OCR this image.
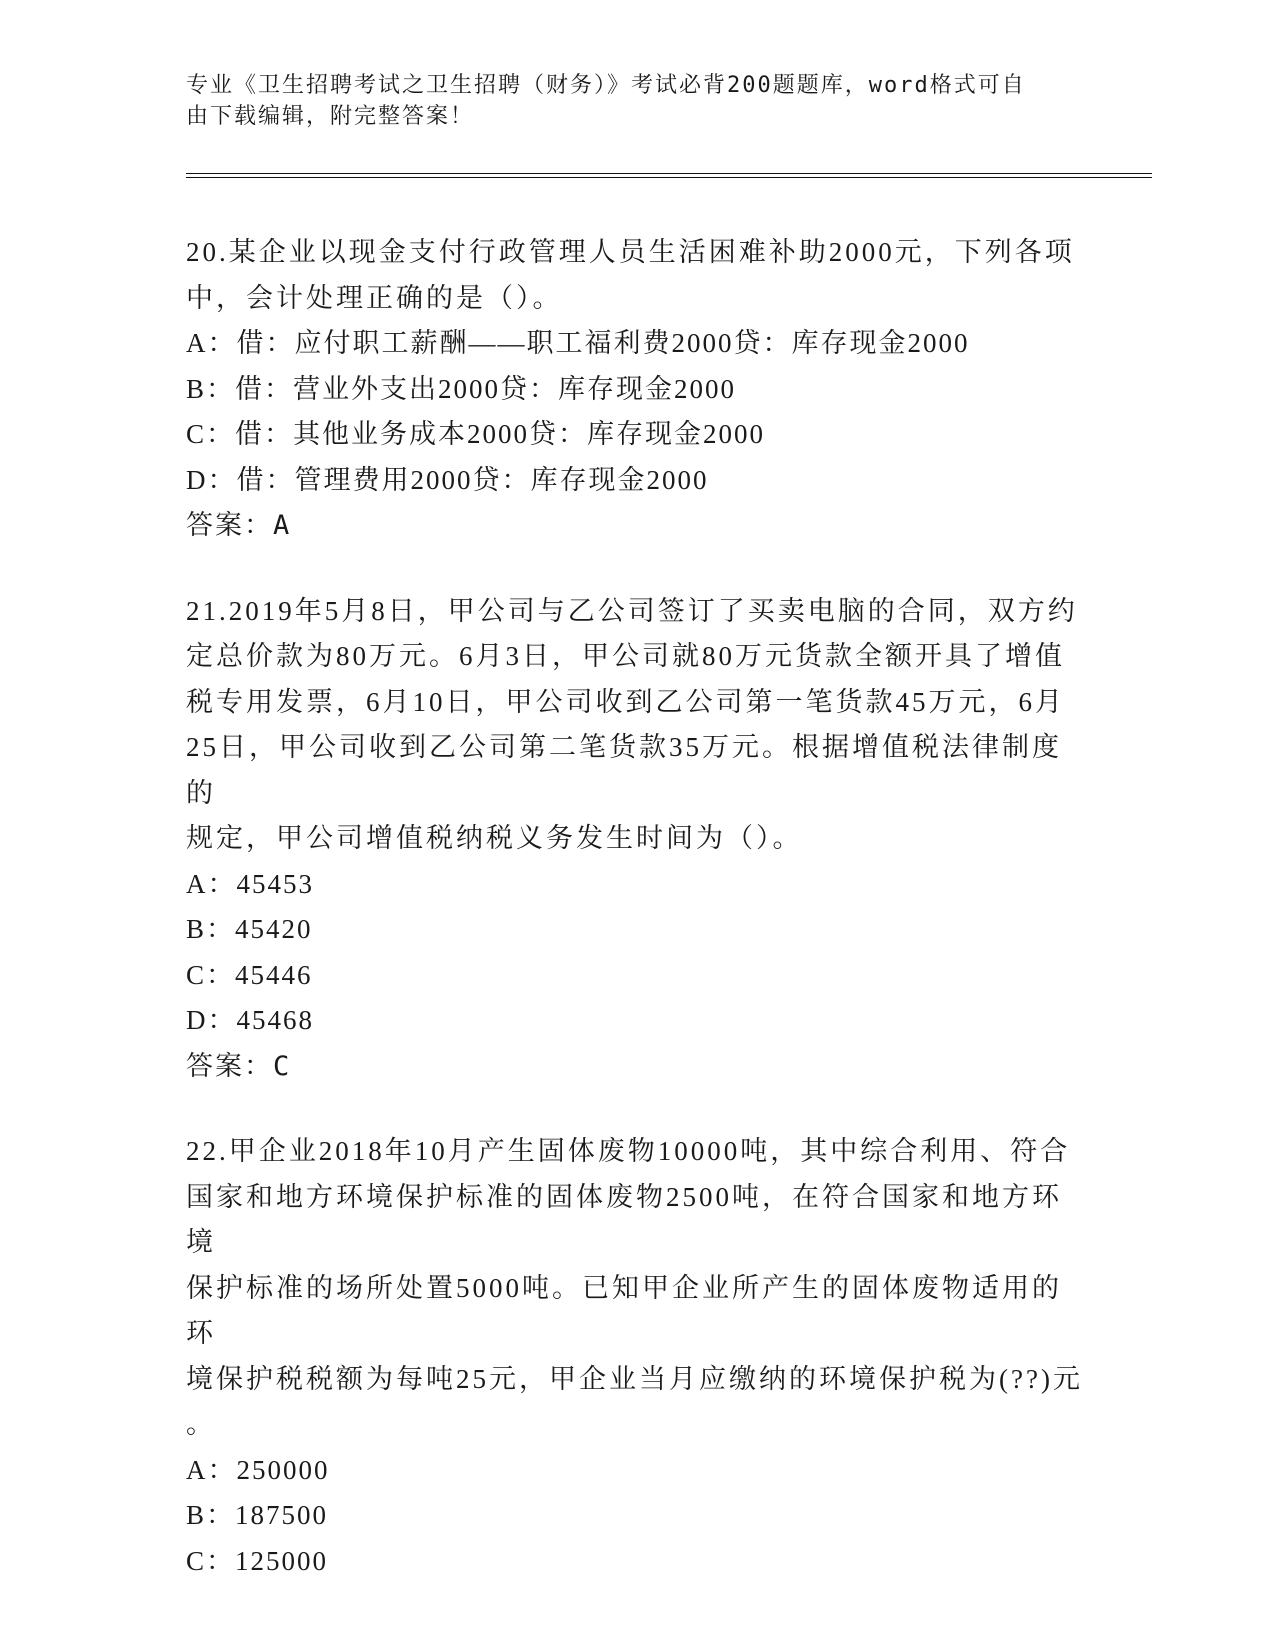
专业《卫生招聘考试之卫生招聘（财务）》考试必背200题题库，word格式可自
由下载编辑，附完整答案！

20.某企业以现金支付行政管理人员生活困难补助2000元，下列各项

中，会计处理正确的是（）。

A：借：应付职工薪酬——职工福利费2000贷：库存现金2000

B：借：营业外支出2000贷：库存现金2000

C：借：其他业务成本2000贷：库存现金2000

D：借：管理费用2000贷：库存现金2000

答案：A

21.2019年5月8日，甲公司与乙公司签订了买卖电脑的合同，双方约

定总价款为80万元。6月3日，甲公司就80万元货款全额开具了增值

税专用发票，6月10日，甲公司收到乙公司第一笔货款45万元，6月

25日，甲公司收到乙公司第二笔货款35万元。根据增值税法律制度的

规定，甲公司增值税纳税义务发生时间为（）。

A：45453

B：45420

C：45446

D：45468

答案：C

22.甲企业2018年10月产生固体废物10000吨，其中综合利用、符合

国家和地方环境保护标准的固体废物2500吨，在符合国家和地方环境

保护标准的场所处置5000吨。已知甲企业所产生的固体废物适用的环

境保护税税额为每吨25元，甲企业当月应缴纳的环境保护税为(??)元

。

A：250000

B：187500

C：125000
